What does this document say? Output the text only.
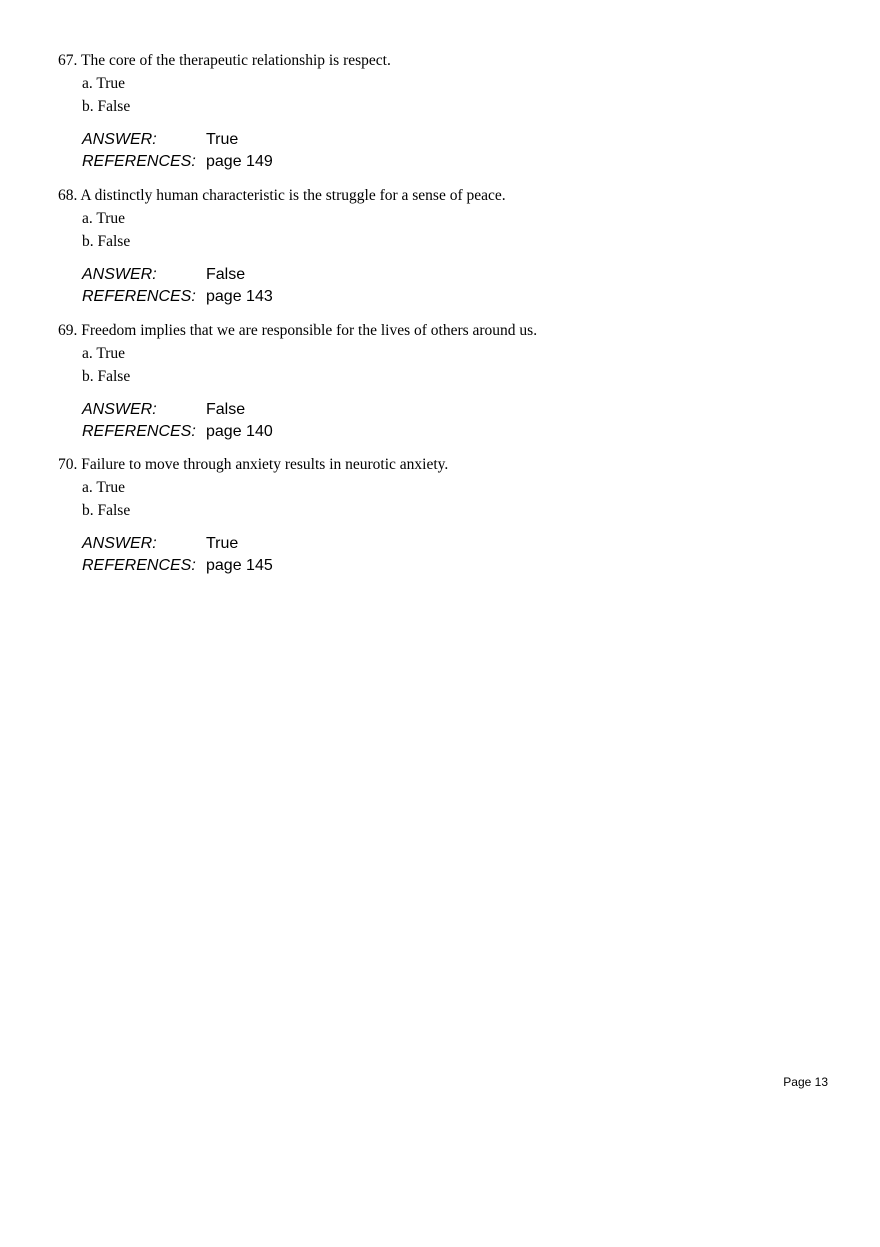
67. The core of the therapeutic relationship is respect.
a. True
b. False
ANSWER:	True
REFERENCES: page 149
68. A distinctly human characteristic is the struggle for a sense of peace.
a. True
b. False
ANSWER:	False
REFERENCES: page 143
69. Freedom implies that we are responsible for the lives of others around us.
a. True
b. False
ANSWER:	False
REFERENCES: page 140
70. Failure to move through anxiety results in neurotic anxiety.
a. True
b. False
ANSWER:	True
REFERENCES: page 145
Page 13
